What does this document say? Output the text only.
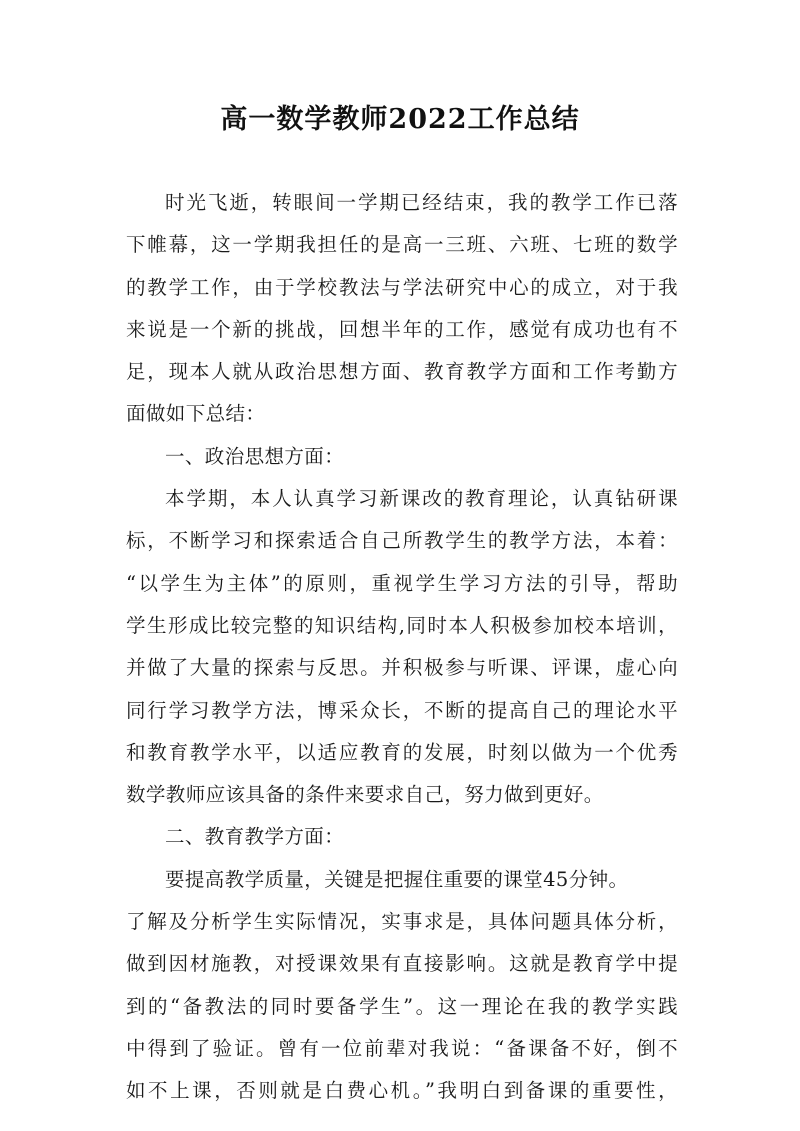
高一数学教师2022工作总结
时光飞逝，转眼间一学期已经结束，我的教学工作已落
下帷幕，这一学期我担任的是高一三班、六班、七班的数学
的教学工作，由于学校教法与学法研究中心的成立，对于我
来说是一个新的挑战，回想半年的工作，感觉有成功也有不
足，现本人就从政治思想方面、教育教学方面和工作考勤方
面做如下总结：
一、政治思想方面：
本学期，本人认真学习新课改的教育理论，认真钻研课
标，不断学习和探索适合自己所教学生的教学方法，本着：
“以学生为主体”的原则，重视学生学习方法的引导，帮助
学生形成比较完整的知识结构,同时本人积极参加校本培训，
并做了大量的探索与反思。并积极参与听课、评课，虚心向
同行学习教学方法，博采众长，不断的提高自己的理论水平
和教育教学水平，以适应教育的发展，时刻以做为一个优秀
数学教师应该具备的条件来要求自己，努力做到更好。
二、教育教学方面：
要提高教学质量，关键是把握住重要的课堂45分钟。
了解及分析学生实际情况，实事求是，具体问题具体分析，
做到因材施教，对授课效果有直接影响。这就是教育学中提
到的“备教法的同时要备学生”。这一理论在我的教学实践
中得到了验证。曾有一位前辈对我说：“备课备不好，倒不
如不上课，否则就是白费心机。”我明白到备课的重要性，
